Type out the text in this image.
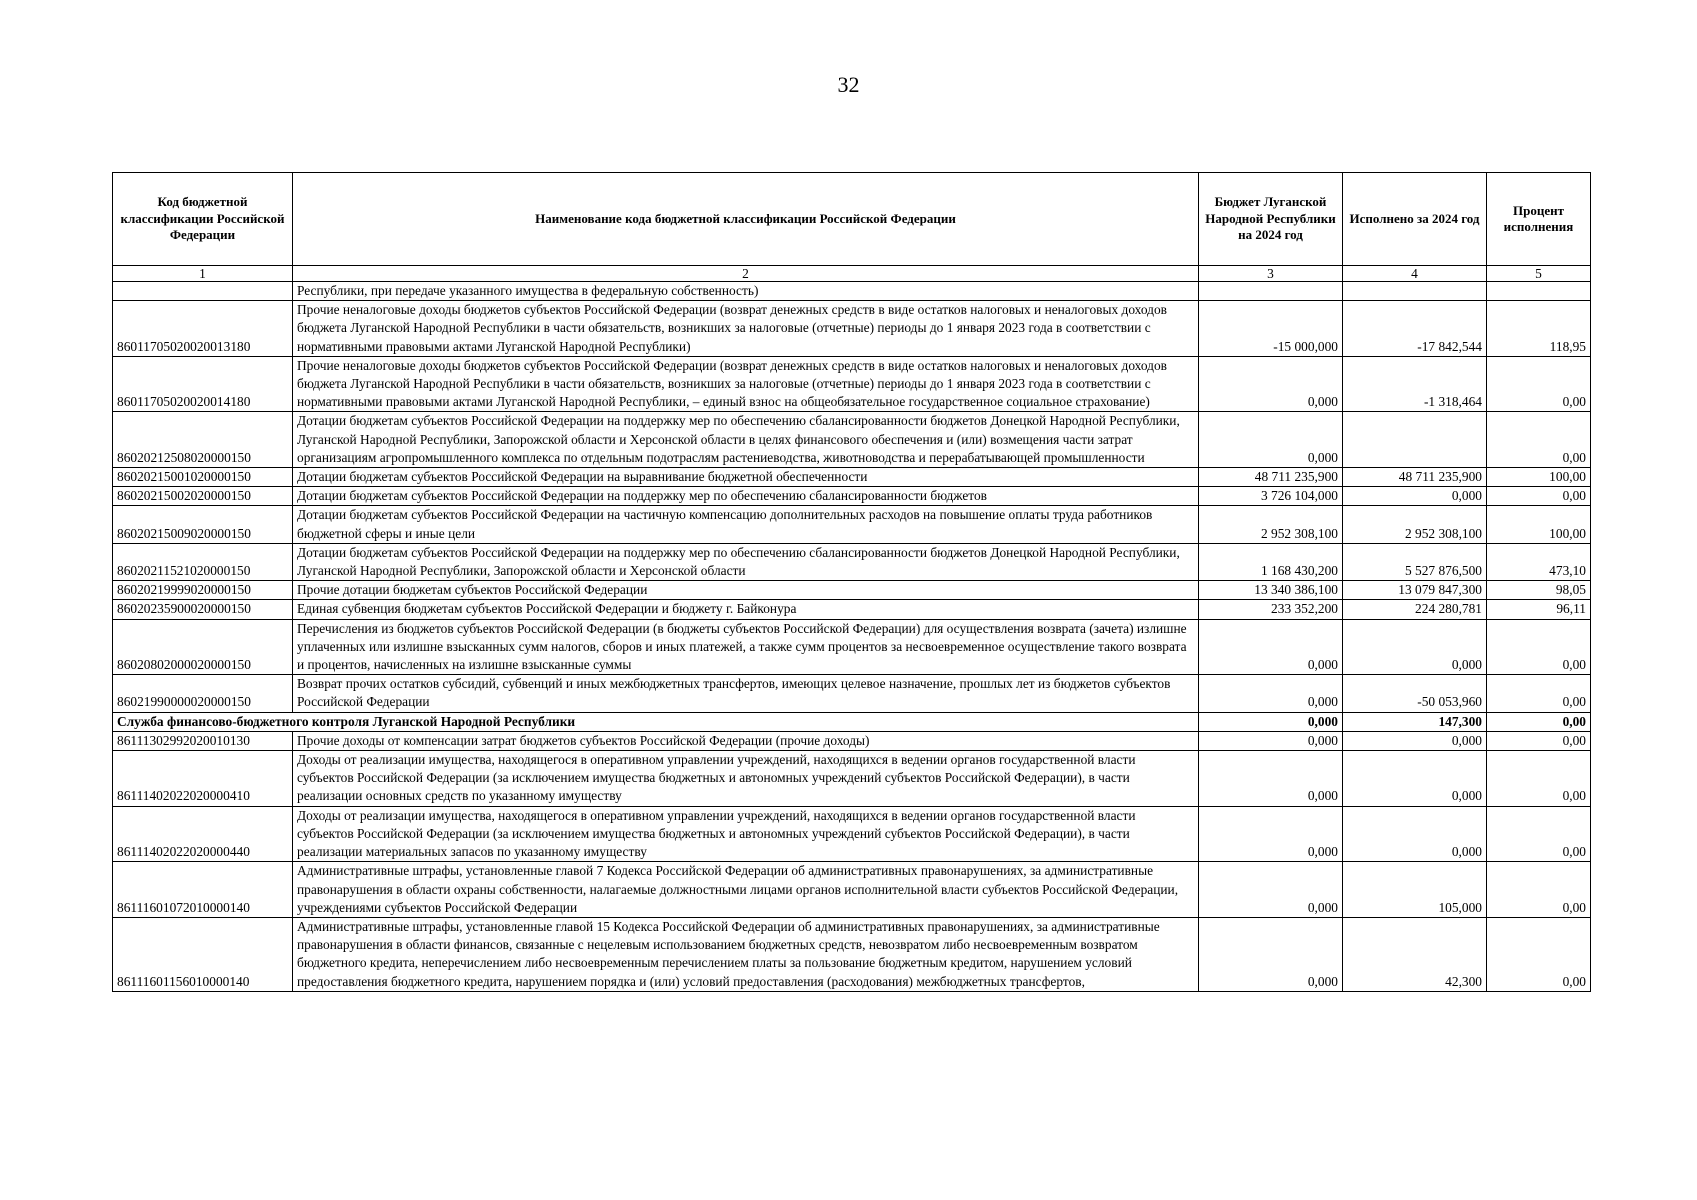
32
Код бюджетной классификации Российской Федерации	Наименование кода бюджетной классификации Российской Федерации	Бюджет Луганской Народной Республики на 2024 год	Исполнено за 2024 год	Процент исполнения
1	2	3	4	5
	Республики, при передаче указанного имущества в федеральную собственность)			
86011705020020013180	Прочие неналоговые доходы бюджетов субъектов Российской Федерации (возврат денежных средств в виде остатков налоговых и неналоговых доходов бюджета Луганской Народной Республики в части обязательств, возникших за налоговые (отчетные) периоды до 1 января 2023 года в соответствии с нормативными правовыми актами Луганской Народной Республики)	-15 000,000	-17 842,544	118,95
86011705020020014180	Прочие неналоговые доходы бюджетов субъектов Российской Федерации (возврат денежных средств в виде остатков налоговых и неналоговых доходов бюджета Луганской Народной Республики в части обязательств, возникших за налоговые (отчетные) периоды до 1 января 2023 года в соответствии с нормативными правовыми актами Луганской Народной Республики, – единый взнос на общеобязательное государственное социальное страхование)	0,000	-1 318,464	0,00
86020212508020000150	Дотации бюджетам субъектов Российской Федерации на поддержку мер по обеспечению сбалансированности бюджетов Донецкой Народной Республики, Луганской Народной Республики, Запорожской области и Херсонской области в целях финансового обеспечения и (или) возмещения части затрат организациям агропромышленного комплекса по отдельным подотраслям растениеводства, животноводства и перерабатывающей промышленности	0,000		0,00
86020215001020000150	Дотации бюджетам субъектов Российской Федерации на выравнивание бюджетной обеспеченности	48 711 235,900	48 711 235,900	100,00
86020215002020000150	Дотации бюджетам субъектов Российской Федерации на поддержку мер по обеспечению сбалансированности бюджетов	3 726 104,000	0,000	0,00
86020215009020000150	Дотации бюджетам субъектов Российской Федерации на частичную компенсацию дополнительных расходов на повышение оплаты труда работников бюджетной сферы и иные цели	2 952 308,100	2 952 308,100	100,00
86020211521020000150	Дотации бюджетам субъектов Российской Федерации на поддержку мер по обеспечению сбалансированности бюджетов Донецкой Народной Республики, Луганской Народной Республики, Запорожской области и Херсонской области	1 168 430,200	5 527 876,500	473,10
86020219999020000150	Прочие дотации бюджетам субъектов Российской Федерации	13 340 386,100	13 079 847,300	98,05
86020235900020000150	Единая субвенция бюджетам субъектов Российской Федерации и бюджету г. Байконура	233 352,200	224 280,781	96,11
86020802000020000150	Перечисления из бюджетов субъектов Российской Федерации (в бюджеты субъектов Российской Федерации) для осуществления возврата (зачета) излишне уплаченных или излишне взысканных сумм налогов, сборов и иных платежей, а также сумм процентов за несвоевременное осуществление такого возврата и процентов, начисленных на излишне взысканные суммы	0,000	0,000	0,00
86021990000020000150	Возврат прочих остатков субсидий, субвенций и иных межбюджетных трансфертов, имеющих целевое назначение, прошлых лет из бюджетов субъектов Российской Федерации	0,000	-50 053,960	0,00
Служба финансово-бюджетного контроля Луганской Народной Республики		0,000	147,300	0,00
86111302992020010130	Прочие доходы от компенсации затрат бюджетов субъектов Российской Федерации (прочие доходы)	0,000	0,000	0,00
86111402022020000410	Доходы от реализации имущества, находящегося в оперативном управлении учреждений, находящихся в ведении органов государственной власти субъектов Российской Федерации (за исключением имущества бюджетных и автономных учреждений субъектов Российской Федерации), в части реализации основных средств по указанному имуществу	0,000	0,000	0,00
86111402022020000440	Доходы от реализации имущества, находящегося в оперативном управлении учреждений, находящихся в ведении органов государственной власти субъектов Российской Федерации (за исключением имущества бюджетных и автономных учреждений субъектов Российской Федерации), в части реализации материальных запасов по указанному имуществу	0,000	0,000	0,00
86111601072010000140	Административные штрафы, установленные главой 7 Кодекса Российской Федерации об административных правонарушениях, за административные правонарушения в области охраны собственности, налагаемые должностными лицами органов исполнительной власти субъектов Российской Федерации, учреждениями субъектов Российской Федерации	0,000	105,000	0,00
86111601156010000140	Административные штрафы, установленные главой 15 Кодекса Российской Федерации об административных правонарушениях, за административные правонарушения в области финансов, связанные с нецелевым использованием бюджетных средств, невозвратом либо несвоевременным возвратом бюджетного кредита, неперечислением либо несвоевременным перечислением платы за пользование бюджетным кредитом, нарушением условий предоставления бюджетного кредита, нарушением порядка и (или) условий предоставления (расходования) межбюджетных трансфертов,	0,000	42,300	0,00
